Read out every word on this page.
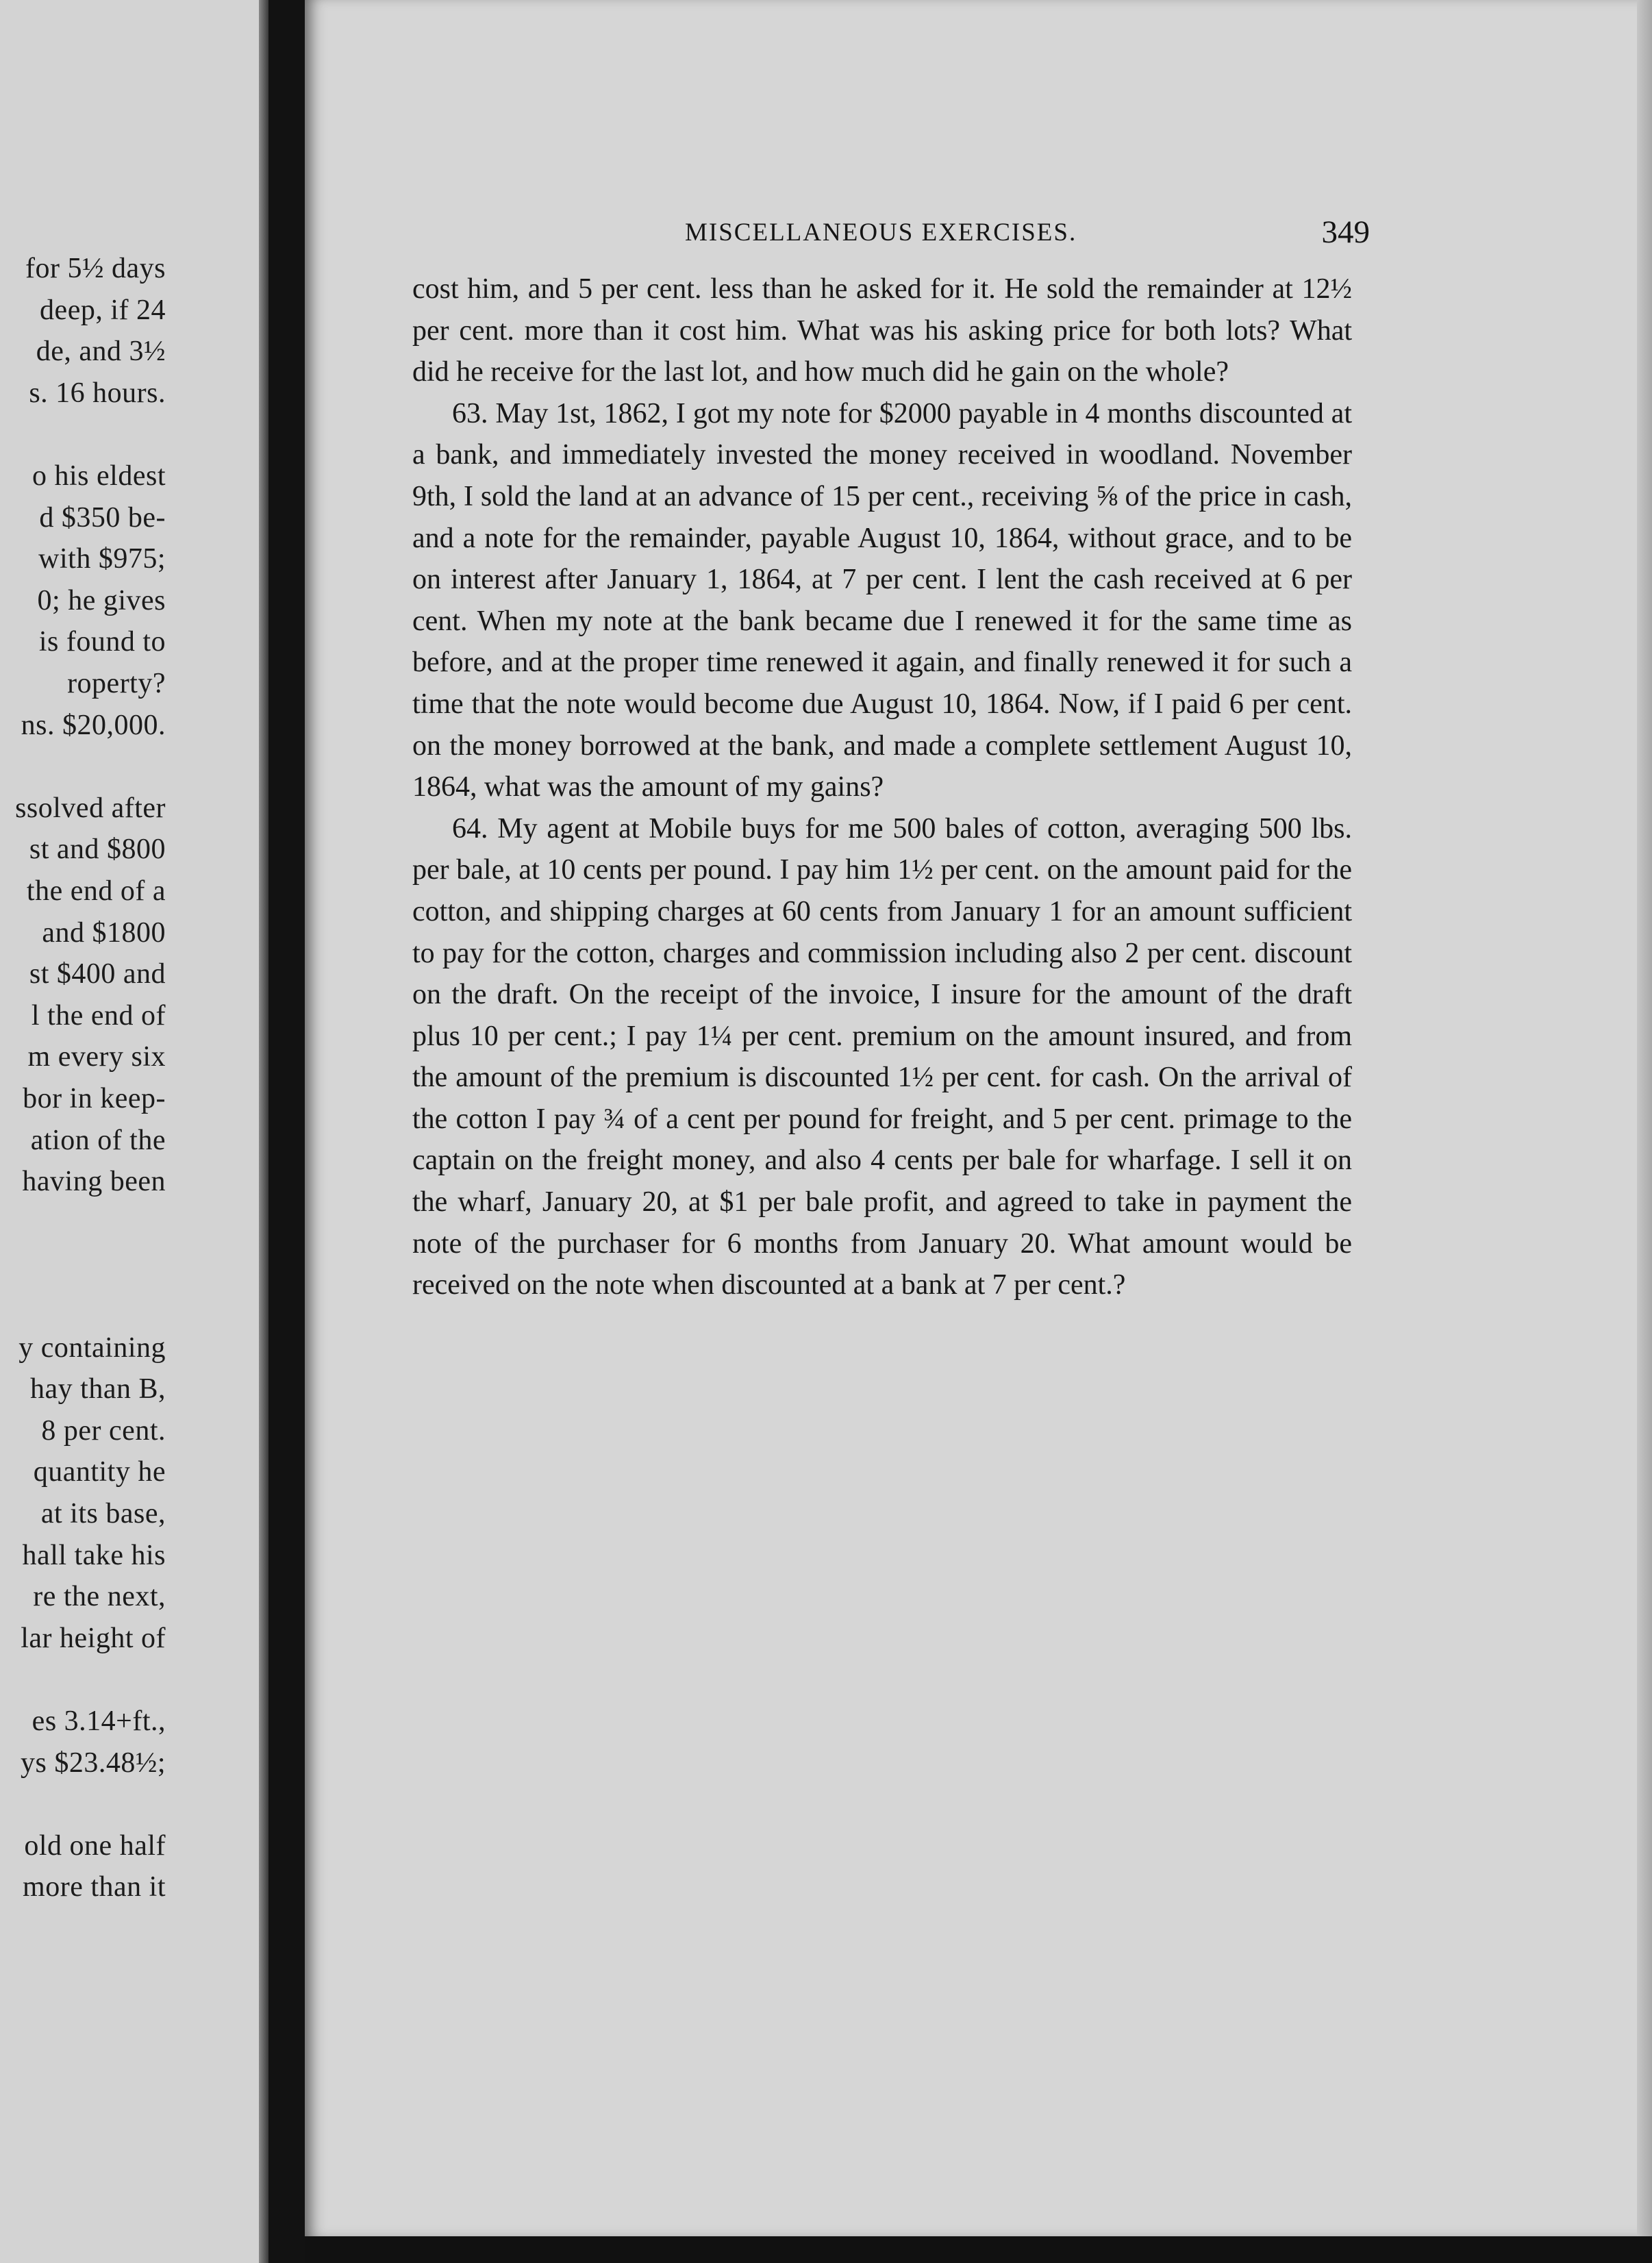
for 5½ days
deep, if 24
de, and 3½
s. 16 hours.
o his eldest
d $350 be-
with $975;
0; he gives
is found to
roperty?
ns. $20,000.
ssolved after
st and $800
the end of a
and $1800
st $400 and
l the end of
m every six
bor in keep-
ation of the
having been
y containing
hay than B,
8 per cent.
quantity he
at its base,
hall take his
re the next,
lar height of
es 3.14+ft.,
ys $23.48½;
old one half
more than it
MISCELLANEOUS EXERCISES.	349

cost him, and 5 per cent. less than he asked for it. He sold the remainder at 12½ per cent. more than it cost him. What was his asking price for both lots? What did he receive for the last lot, and how much did he gain on the whole?

63. May 1st, 1862, I got my note for $2000 payable in 4 months discounted at a bank, and immediately invested the money received in woodland. November 9th, I sold the land at an advance of 15 per cent., receiving ⅝ of the price in cash, and a note for the remainder, payable August 10, 1864, without grace, and to be on interest after January 1, 1864, at 7 per cent. I lent the cash received at 6 per cent. When my note at the bank became due I renewed it for the same time as before, and at the proper time renewed it again, and finally renewed it for such a time that the note would become due August 10, 1864. Now, if I paid 6 per cent. on the money borrowed at the bank, and made a complete settlement August 10, 1864, what was the amount of my gains?

64. My agent at Mobile buys for me 500 bales of cotton, averaging 500 lbs. per bale, at 10 cents per pound. I pay him 1½ per cent. on the amount paid for the cotton, and shipping charges at 60 cents from January 1 for an amount sufficient to pay for the cotton, charges and commission including also 2 per cent. discount on the draft. On the receipt of the invoice, I insure for the amount of the draft plus 10 per cent.; I pay 1¼ per cent. premium on the amount insured, and from the amount of the premium is discounted 1½ per cent. for cash. On the arrival of the cotton I pay ¾ of a cent per pound for freight, and 5 per cent. primage to the captain on the freight money, and also 4 cents per bale for wharfage. I sell it on the wharf, January 20, at $1 per bale profit, and agreed to take in payment the note of the purchaser for 6 months from January 20. What amount would be received on the note when discounted at a bank at 7 per cent.?
